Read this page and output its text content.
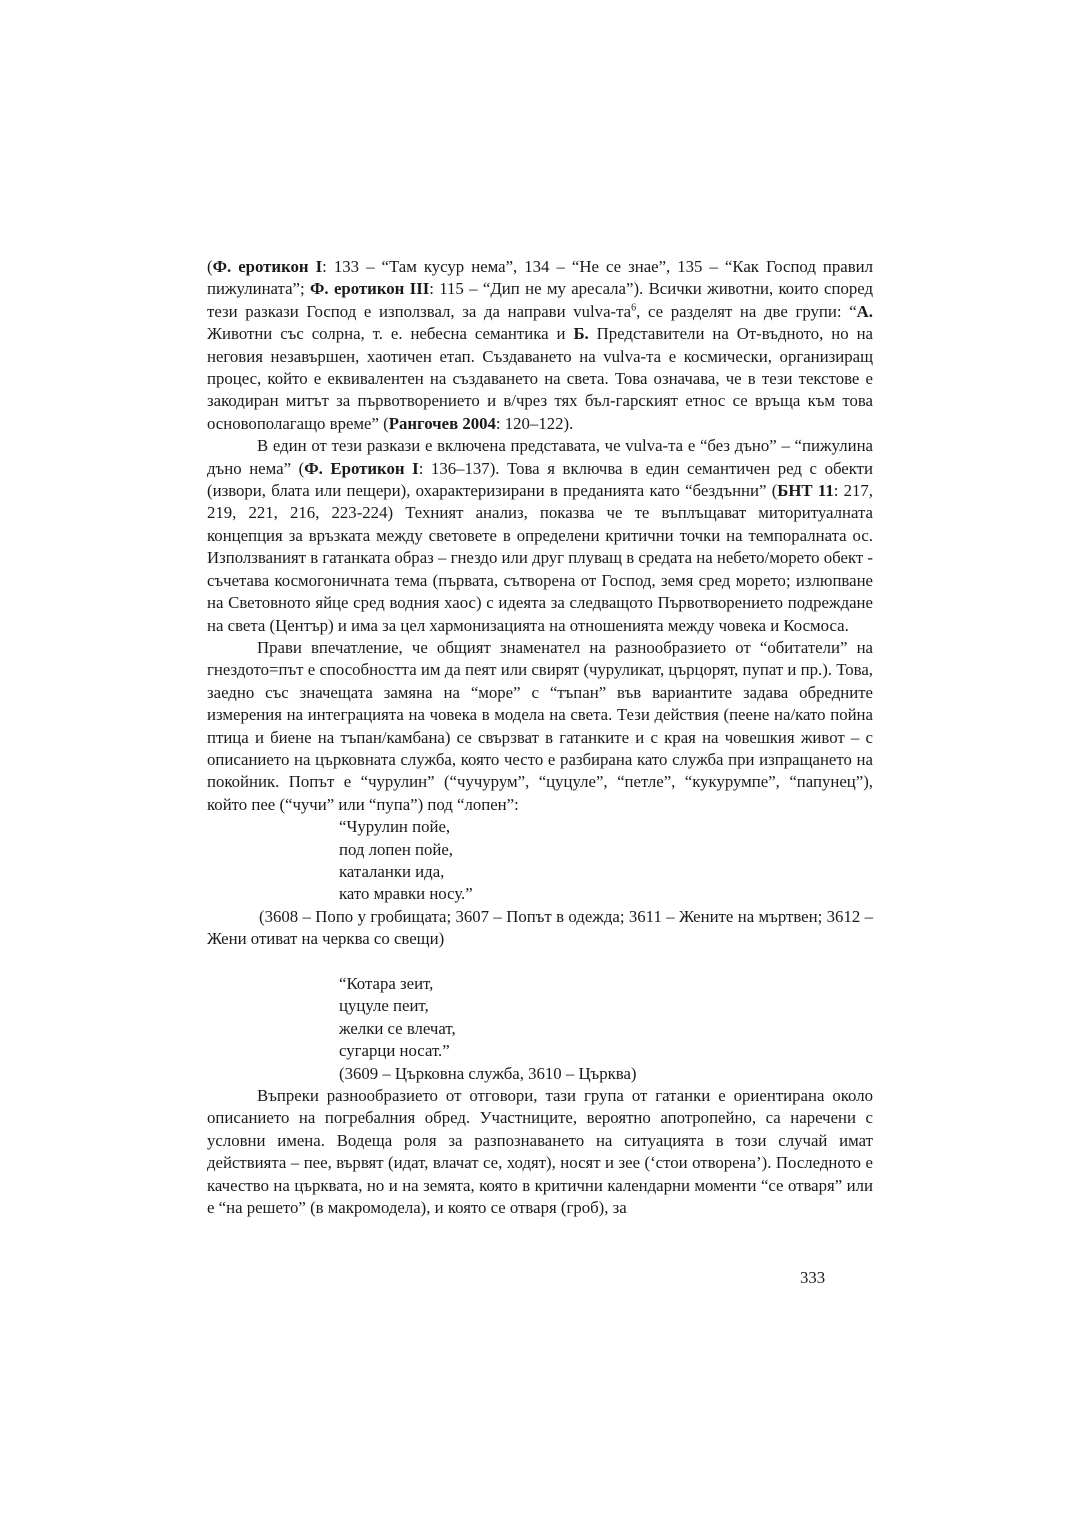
(Ф. еротикон I: 133 – “Там кусур нема”, 134 – “Не се знае”, 135 – “Как Господ правил пижулината”; Ф. еротикон III: 115 – “Дип не му аресала”). Всички животни, които според тези разкази Господ е използвал, за да направи vulva-$та^6$, се разделят на две групи: “А. Животни със солрна, т. е. небесна семантика и Б. Представители на От-въдното, но на неговия незавършен, хаотичен етап. Създаването на vulva-та е космически, организиращ процес, който е еквивалентен на създаването на света. Това означава, че в тези текстове е закодиран митът за първотворението и в/чрез тях бъл-гарският етнос се връща към това основополагащо време” (Рангочев 2004: 120–122).

В един от тези разкази е включена представата, че vulva-та е “без дъно” – “пижулина дъно нема” (Ф. Еротикон I: 136–137). Това я включва в един семантичен ред с обекти (извори, блата или пещери), охарактеризирани в преданията като “бездънни” (БНТ 11: 217, 219, 221, 216, 223-224) Техният анализ, показва че те въплъщават миторитуалната концепция за връзката между световете в определени критични точки на темпоралната ос. Използваният в гатанката образ – гнездо или друг плуващ в средата на небето/морето обект - съчетава космогоничната тема (първата, сътворена от Господ, земя сред морето; излюпване на Световното яйце сред водния хаос) с идеята за следващото Първотворението подреждане на света (Център) и има за цел хармонизацията на отношенията между човека и Космоса.

Прави впечатление, че общият знаменател на разнообразието от “обитатели” на гнездото=път е способността им да пеят или свирят (чуруликат, църцорят, пупат и пр.). Това, заедно със значещата замяна на “море” с “тъпан” във вариантите задава обредните измерения на интеграцията на човека в модела на света. Тези действия (пеене на/като пойна птица и биене на тъпан/камбана) се свързват в гатанките и с края на човешкия живот – с описанието на църковната служба, която често е разбирана като служба при изпращането на покойник. Попът е “чурулин” (“чучурум”, “цуцуле”, “петле”, “кукурумпе”, “папунец”), който пее (“чучи” или “пупа”) под “лопен”:

“Чурулин пойе,
под лопен пойе,
каталанки ида,
като мравки носу.”

(3608 – Попо у гробищата; 3607 – Попът в одежда; 3611 – Жените на мъртвен; 3612 – Жени отиват на черква со свещи)

“Котара зеит,
цуцуле пеит,
желки се влечат,
сугарци носат.”
(3609 – Църковна служба, 3610 – Църква)

Въпреки разнообразието от отговори, тази група от гатанки е ориентирана около описанието на погребалния обред. Участниците, вероятно апотропейно, са наречени с условни имена. Водеща роля за разпознаването на ситуацията в този случай имат действията – пее, вървят (идат, влачат се, ходят), носят и зее (‘стои отворена’). Последното е качество на църквата, но и на земята, която в критични календарни моменти “се отваря” или е “на решето” (в макромодела), и която се отваря (гроб), за

333
